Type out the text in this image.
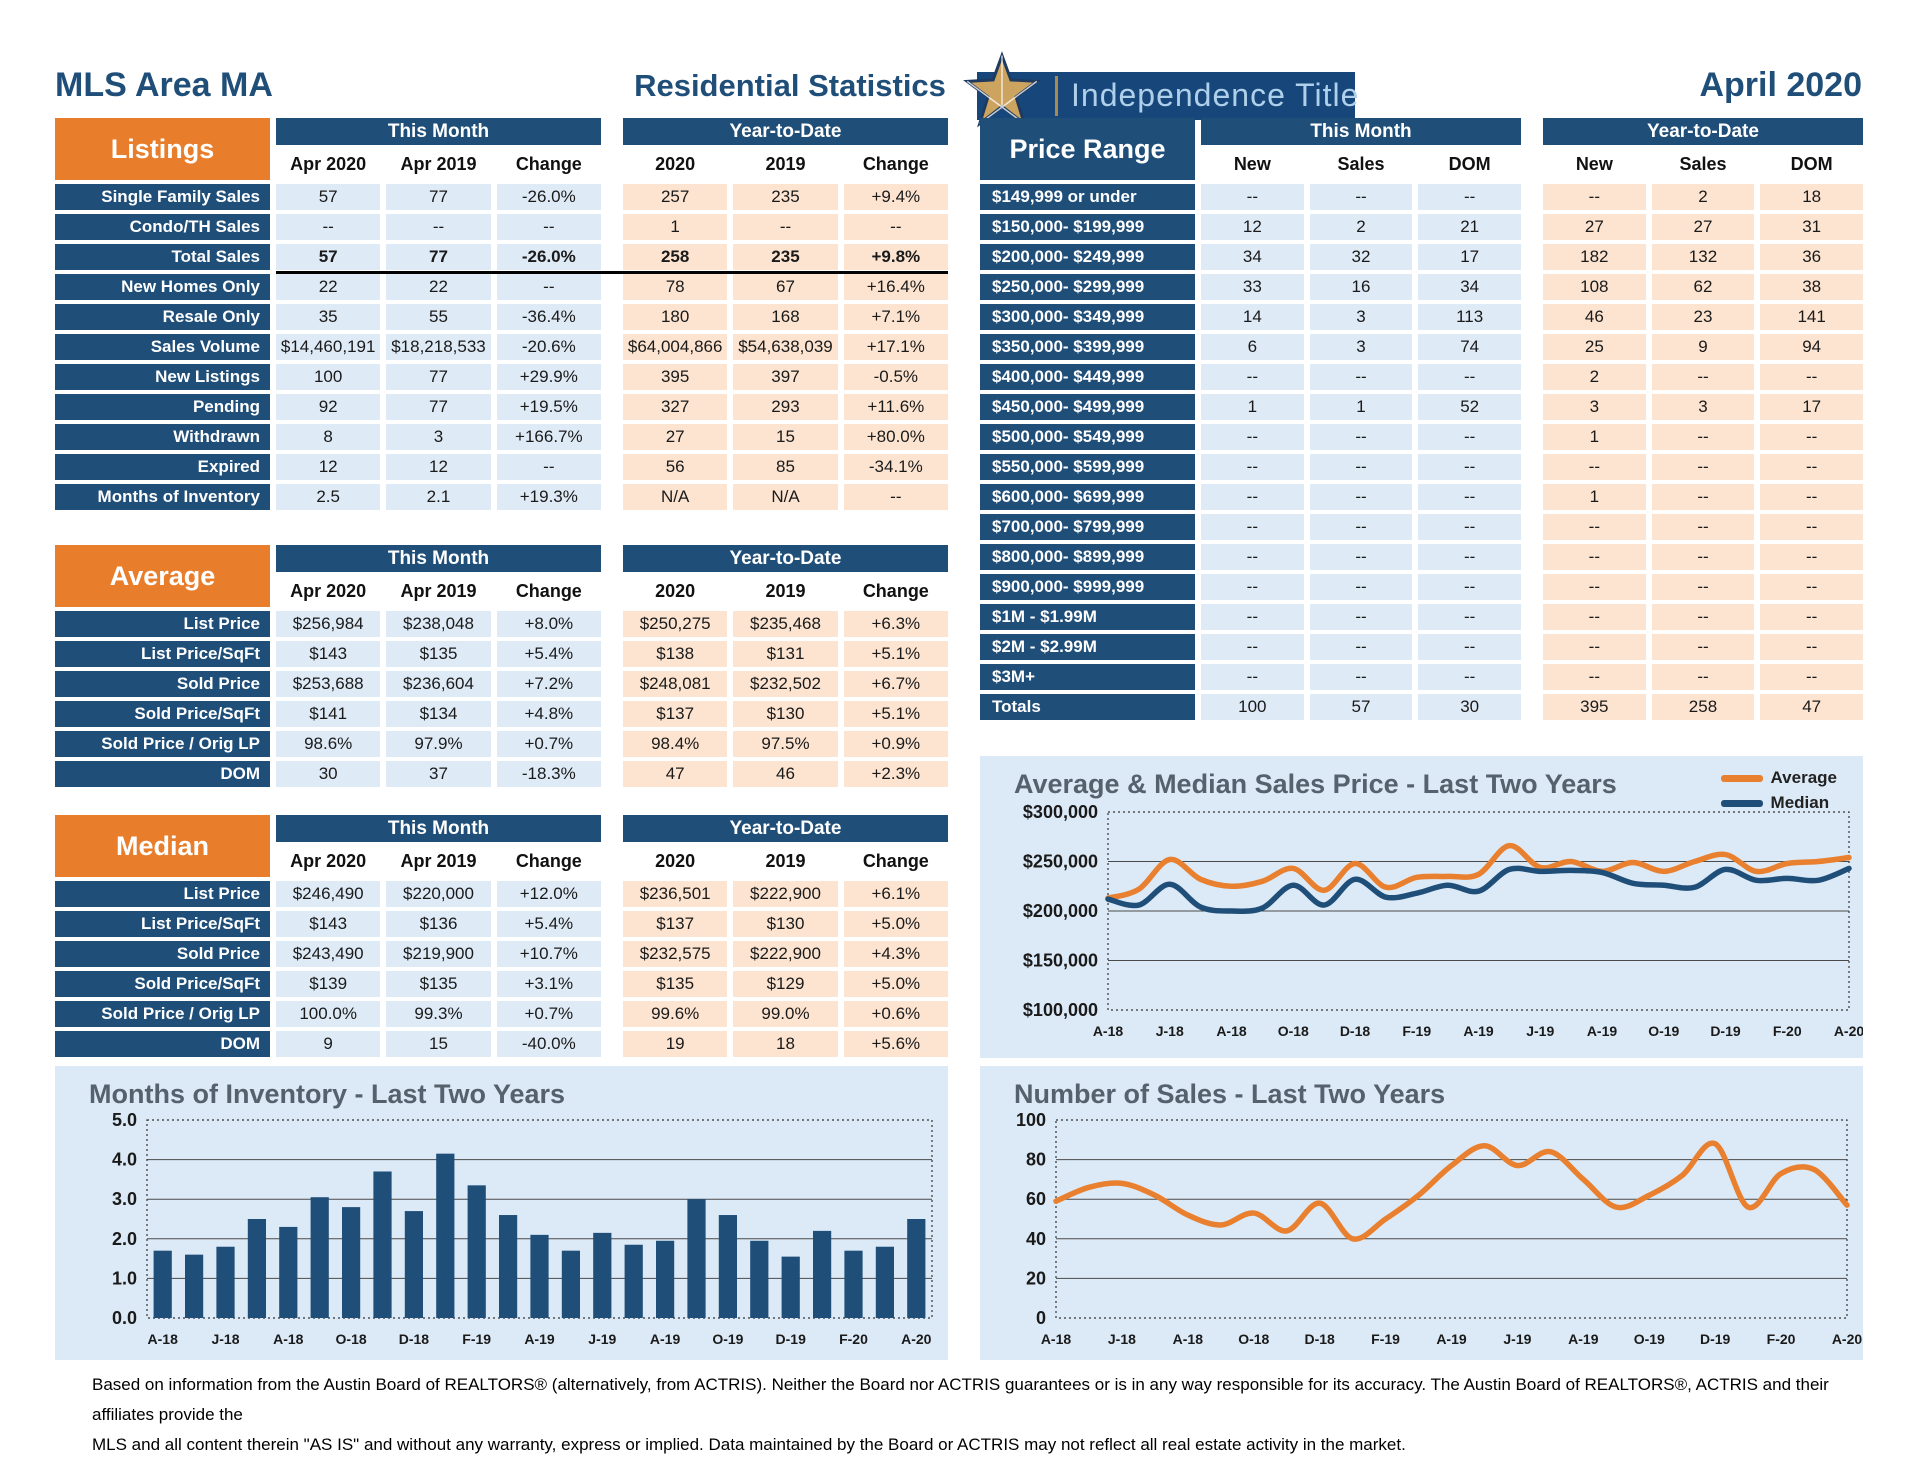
MLS Area MA	Residential Statistics	Independence Title	April 2020
Listings
This Month	Year-to-Date
Apr 2020	Apr 2019	Change	2020	2019	Change
Single Family Sales	57	77	-26.0%	257	235	+9.4%
Condo/TH Sales	--	--	--	1	--	--
Total Sales	57	77	-26.0%	258	235	+9.8%
New Homes Only	22	22	--	78	67	+16.4%
Resale Only	35	55	-36.4%	180	168	+7.1%
Sales Volume	$14,460,191 $18,218,533	-20.6%	$64,004,866 $54,638,039	+17.1%
New Listings	100	77	+29.9%	395	397	-0.5%
Pending	92	77	+19.5%	327	293	+11.6%
Withdrawn	8	3	+166.7%	27	15	+80.0%
Expired	12	12	--	56	85	-34.1%
Months of Inventory	2.5	2.1	+19.3%	N/A	N/A	--
Average
This Month	Year-to-Date
Apr 2020	Apr 2019	Change	2020	2019	Change
List Price	$256,984	$238,048	+8.0%	$250,275	$235,468	+6.3%
List Price/SqFt	$143	$135	+5.4%	$138	$131	+5.1%
Sold Price	$253,688	$236,604	+7.2%	$248,081	$232,502	+6.7%
Sold Price/SqFt	$141	$134	+4.8%	$137	$130	+5.1%
Sold Price / Orig LP	98.6%	97.9%	+0.7%	98.4%	97.5%	+0.9%
DOM	30	37	-18.3%	47	46	+2.3%
Median
This Month	Year-to-Date
Apr 2020	Apr 2019	Change	2020	2019	Change
List Price	$246,490	$220,000	+12.0%	$236,501	$222,900	+6.1%
List Price/SqFt	$143	$136	+5.4%	$137	$130	+5.0%
Sold Price	$243,490	$219,900	+10.7%	$232,575	$222,900	+4.3%
Sold Price/SqFt	$139	$135	+3.1%	$135	$129	+5.0%
Sold Price / Orig LP	100.0%	99.3%	+0.7%	99.6%	99.0%	+0.6%
DOM	9	15	-40.0%	19	18	+5.6%
Price Range
This Month	Year-to-Date
New	Sales	DOM	New	Sales	DOM
$149,999 or under	--	--	--	--	2	18
$150,000- $199,999	12	2	21	27	27	31
$200,000- $249,999	34	32	17	182	132	36
$250,000- $299,999	33	16	34	108	62	38
$300,000- $349,999	14	3	113	46	23	141
$350,000- $399,999	6	3	74	25	9	94
$400,000- $449,999	--	--	--	2	--	--
$450,000- $499,999	1	1	52	3	3	17
$500,000- $549,999	--	--	--	1	--	--
$550,000- $599,999	--	--	--	--	--	--
$600,000- $699,999	--	--	--	1	--	--
$700,000- $799,999	--	--	--	--	--	--
$800,000- $899,999	--	--	--	--	--	--
$900,000- $999,999	--	--	--	--	--	--
$1M - $1.99M	--	--	--	--	--	--
$2M - $2.99M	--	--	--	--	--	--
$3M+	--	--	--	--	--	--
Totals	100	57	30	395	258	47
Average & Median Sales Price - Last Two Years	Average
Median
$100,000
$150,000
$200,000
$250,000
$300,000
A-18 J-18 A-18 O-18 D-18 F-19 A-19 J-19 A-19 O-19 D-19 F-20 A-20
Months of Inventory - Last Two Years
0.0
1.0
2.0
3.0
4.0
5.0
A-18 J-18 A-18 O-18 D-18 F-19 A-19 J-19 A-19 O-19 D-19 F-20 A-20
Number of Sales - Last Two Years
0
20
40
60
80
100
A-18	J-18	A-18	O-18	D-18	F-19	A-19	J-19	A-19	O-19	D-19	F-20	A-20
Based on information from the Austin Board of REALTORS® (alternatively, from ACTRIS). Neither the Board nor ACTRIS guarantees or is in any way responsible for its accuracy. The Austin Board of REALTORS®, ACTRIS and their affiliates provide the
MLS and all content therein "AS IS" and without any warranty, express or implied. Data maintained by the Board or ACTRIS may not reflect all real estate activity in the market.
